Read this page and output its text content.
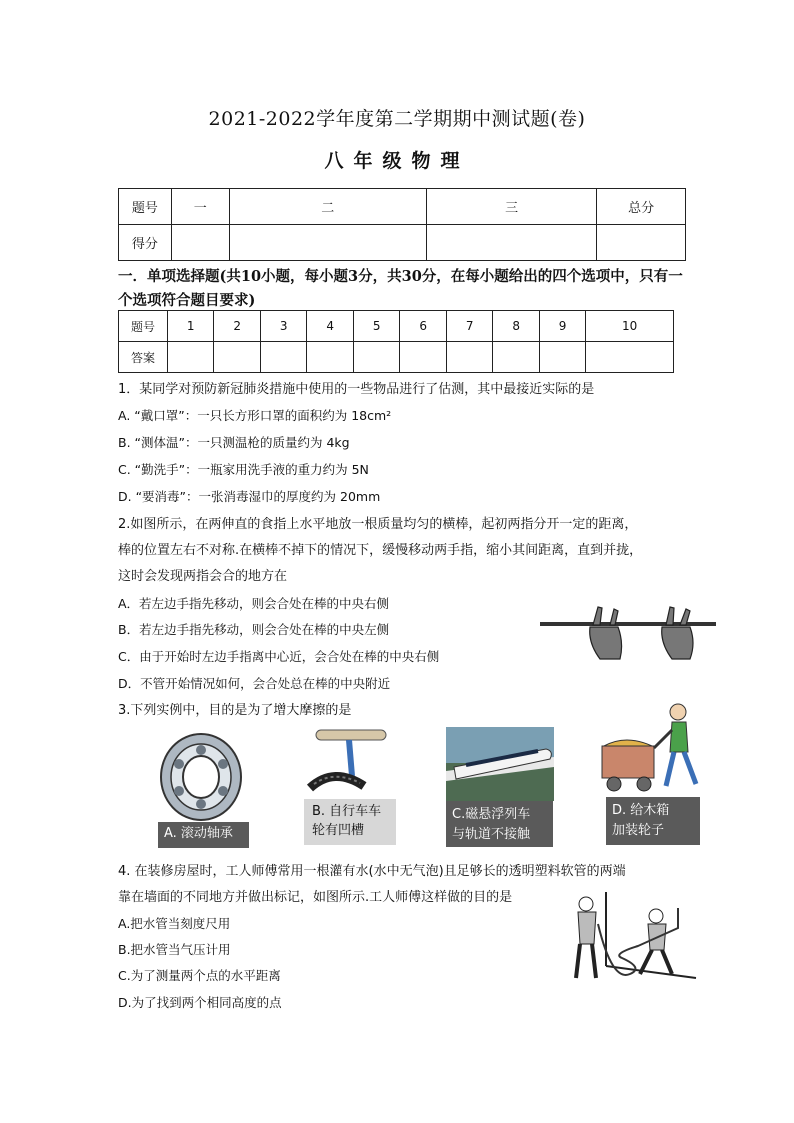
2021-2022学年度第二学期期中测试题(卷)
八年级物理
题号	一	二	三	总分
得分				
一．单项选择题(共10小题，每小题3分，共30分，在每小题给出的四个选项中，只有一个选项符合题目要求)
题号	1	2	3	4	5	6	7	8	9	10
答案										
1．某同学对预防新冠肺炎措施中使用的一些物品进行了估测，其中最接近实际的是
A. “戴口罩”：一只长方形口罩的面积约为 18cm²
B. “测体温”：一只测温枪的质量约为 4kg
C. “勤洗手”：一瓶家用洗手液的重力约为 5N
D. “要消毒”：一张消毒湿巾的厚度约为 20mm
2.如图所示，在两伸直的食指上水平地放一根质量均匀的横棒，起初两指分开一定的距离，
棒的位置左右不对称.在横棒不掉下的情况下，缓慢移动两手指，缩小其间距离，直到并拢，
这时会发现两指会合的地方在
A．若左边手指先移动，则会合处在棒的中央右侧
B．若左边手指先移动，则会合处在棒的中央左侧
C．由于开始时左边手指离中心近，会合处在棒的中央右侧
D．不管开始情况如何，会合处总在棒的中央附近
3.下列实例中，目的是为了增大摩擦的是
A. 滚动轴承
B. 自行车车
轮有凹槽
C.磁悬浮列车
与轨道不接触
D. 给木箱
加装轮子
4. 在装修房屋时，工人师傅常用一根灌有水(水中无气泡)且足够长的透明塑料软管的两端
靠在墙面的不同地方并做出标记，如图所示.工人师傅这样做的目的是
A.把水管当刻度尺用
B.把水管当气压计用
C.为了测量两个点的水平距离
D.为了找到两个相同高度的点
